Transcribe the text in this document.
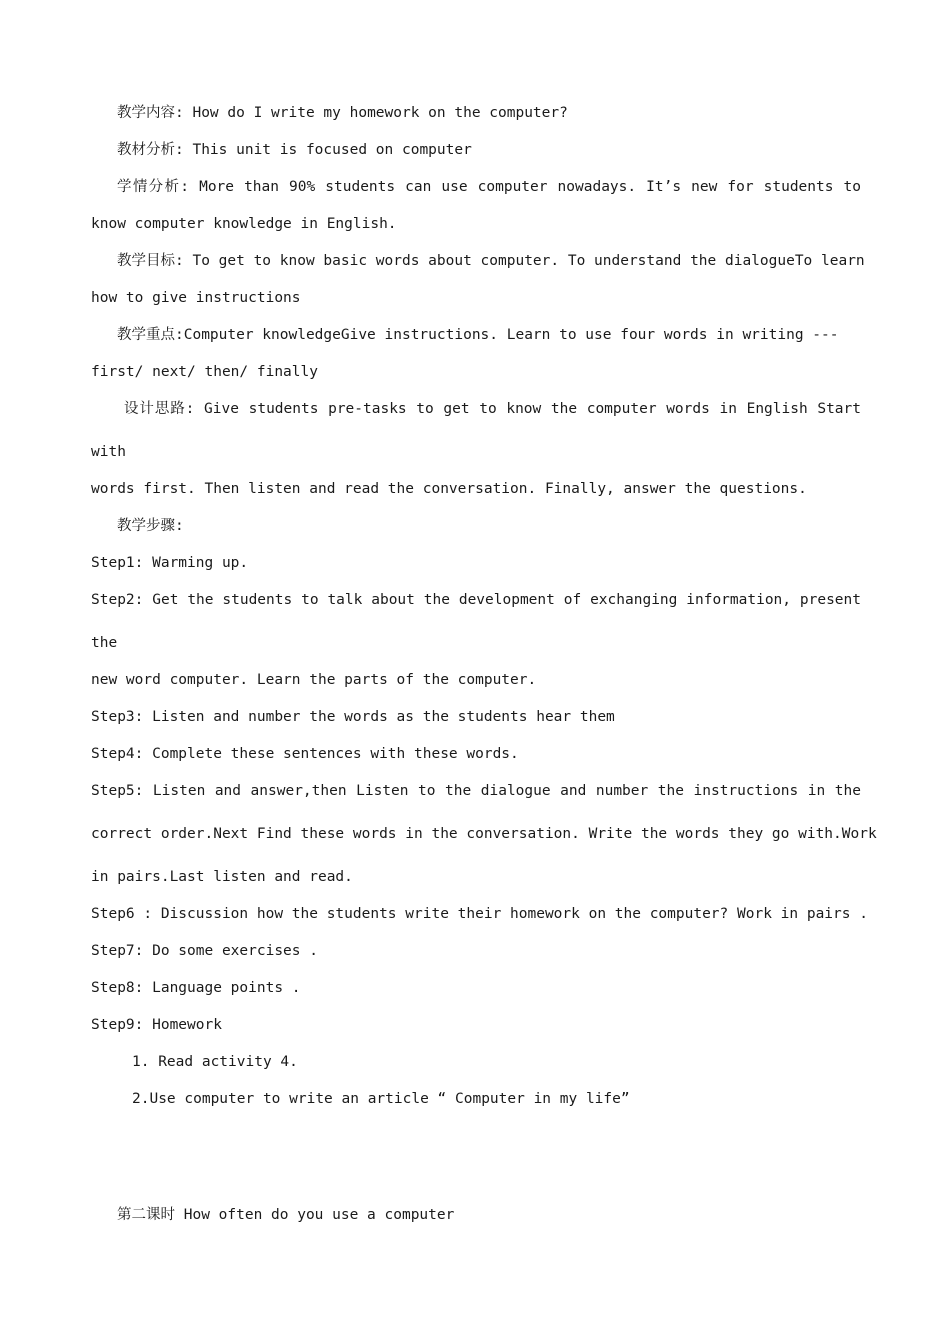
教学内容: How do I write my homework on the computer?
教材分析: This unit is focused on computer
学情分析: More than 90% students can use computer nowadays. It’s new for students to
know computer knowledge in English.
教学目标: To get to know basic words about computer. To understand the dialogueTo learn
how to give instructions
教学重点:Computer knowledgeGive instructions. Learn to use four words in writing ---
first/ next/ then/ finally
设计思路: Give students pre-tasks to get to know the computer words in English Start
with
words first. Then listen and read the conversation. Finally, answer the questions.
教学步骤:
Step1: Warming up.
Step2: Get the students to talk about the development of exchanging information, present
the
new word computer. Learn the parts of the computer.
Step3: Listen and number the words as the students hear them
Step4: Complete these sentences with these words.
Step5: Listen and answer,then Listen to the dialogue and number the instructions in the
correct order.Next Find these words in the conversation. Write the words they go with.Work
in pairs.Last listen and read.
Step6 : Discussion how the students write their homework on the computer? Work in pairs .
Step7: Do some exercises .
Step8: Language points .
Step9: Homework
1. Read activity 4.
2.Use computer to write an article “ Computer in my life”
第二课时 How often do you use a computer
